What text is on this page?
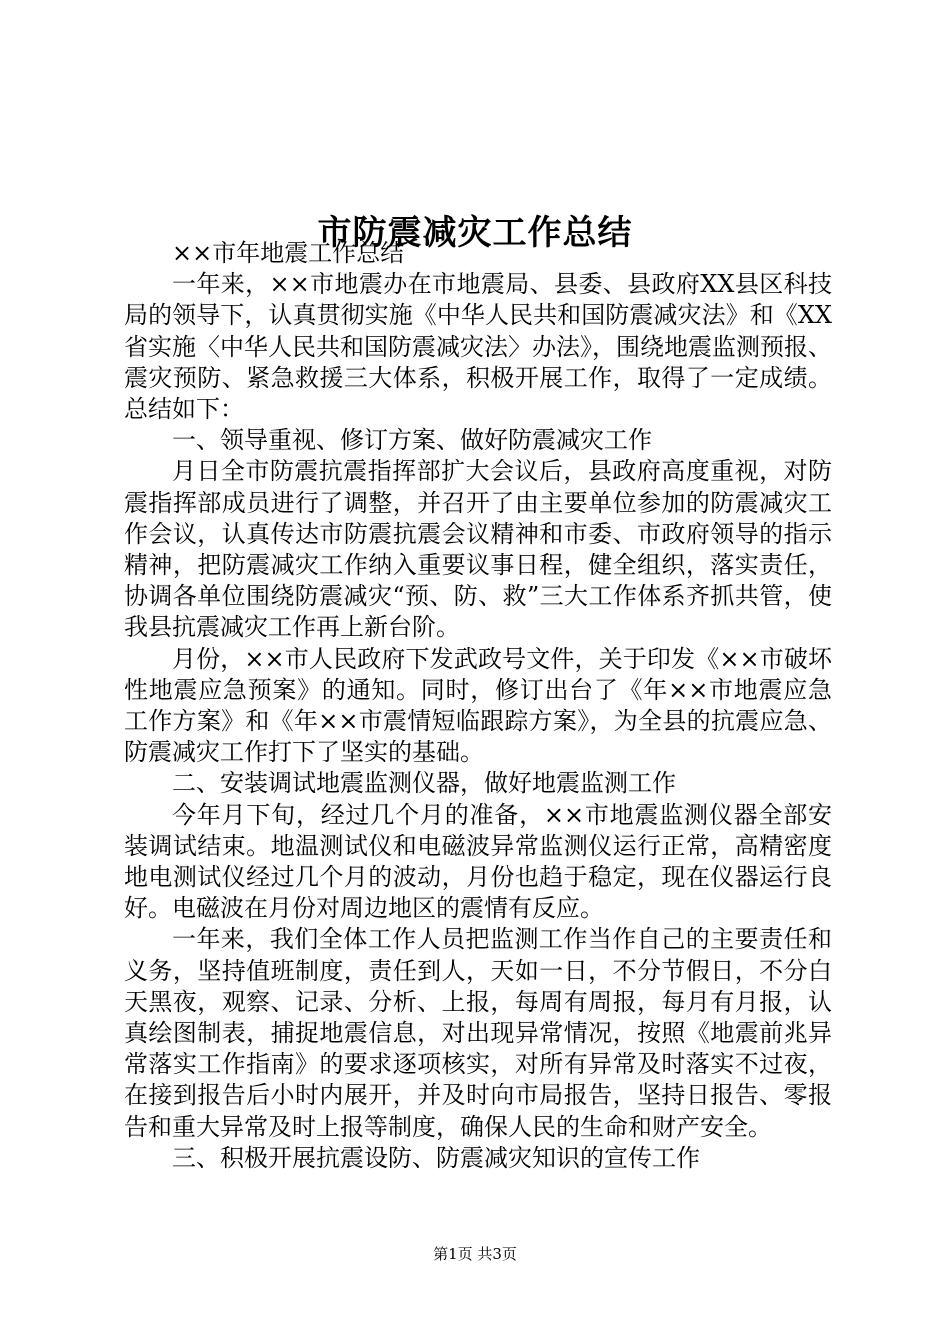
市防震减灾工作总结

××市年地震工作总结

一年来，××市地震办在市地震局、县委、县政府XX县区科技局的领导下，认真贯彻实施《中华人民共和国防震减灾法》和《XX省实施〈中华人民共和国防震减灾法〉办法》，围绕地震监测预报、震灾预防、紧急救援三大体系，积极开展工作，取得了一定成绩。总结如下：

一、领导重视、修订方案、做好防震减灾工作

月日全市防震抗震指挥部扩大会议后，县政府高度重视，对防震指挥部成员进行了调整，并召开了由主要单位参加的防震减灾工作会议，认真传达市防震抗震会议精神和市委、市政府领导的指示精神，把防震减灾工作纳入重要议事日程，健全组织，落实责任，协调各单位围绕防震减灾“预、防、救”三大工作体系齐抓共管，使我县抗震减灾工作再上新台阶。

月份，××市人民政府下发武政号文件，关于印发《××市破坏性地震应急预案》的通知。同时，修订出台了《年××市地震应急工作方案》和《年××市震情短临跟踪方案》，为全县的抗震应急、防震减灾工作打下了坚实的基础。

二、安装调试地震监测仪器，做好地震监测工作

今年月下旬，经过几个月的准备，××市地震监测仪器全部安装调试结束。地温测试仪和电磁波异常监测仪运行正常，高精密度地电测试仪经过几个月的波动，月份也趋于稳定，现在仪器运行良好。电磁波在月份对周边地区的震情有反应。

一年来，我们全体工作人员把监测工作当作自己的主要责任和义务，坚持值班制度，责任到人，天如一日，不分节假日，不分白天黑夜，观察、记录、分析、上报，每周有周报，每月有月报，认真绘图制表，捕捉地震信息，对出现异常情况，按照《地震前兆异常落实工作指南》的要求逐项核实，对所有异常及时落实不过夜，在接到报告后小时内展开，并及时向市局报告，坚持日报告、零报告和重大异常及时上报等制度，确保人民的生命和财产安全。

三、积极开展抗震设防、防震减灾知识的宣传工作

第1页 共3页
